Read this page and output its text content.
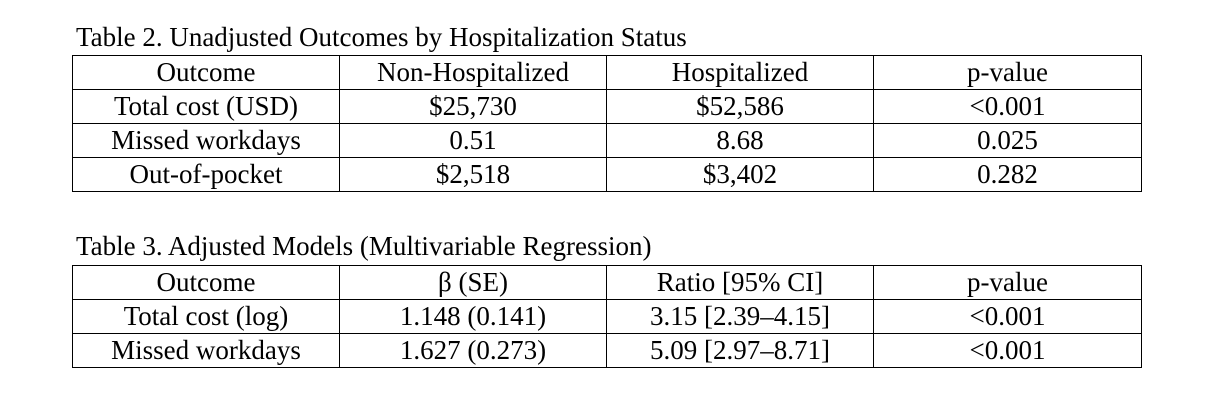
Table 2. Unadjusted Outcomes by Hospitalization Status
Outcome	Non-Hospitalized	Hospitalized	p-value
Total cost (USD)	$25,730	$52,586	<0.001
Missed workdays	0.51	8.68	0.025
Out-of-pocket	$2,518	$3,402	0.282
Table 3. Adjusted Models (Multivariable Regression)
Outcome	β (SE)	Ratio [95% CI]	p-value
Total cost (log)	1.148 (0.141)	3.15 [2.39–4.15]	<0.001
Missed workdays	1.627 (0.273)	5.09 [2.97–8.71]	<0.001
